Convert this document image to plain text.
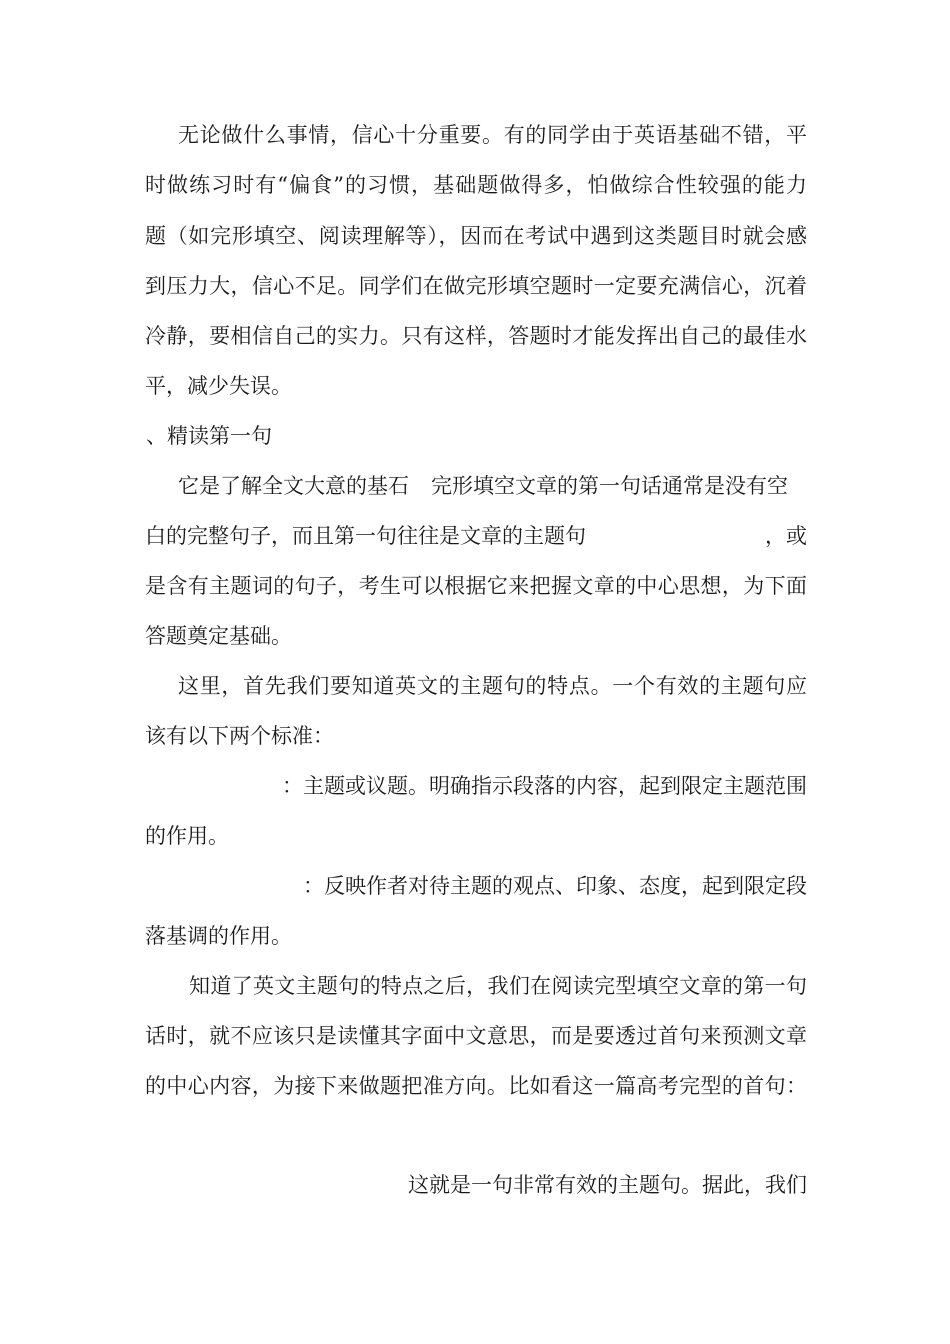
无论做什么事情，信心十分重要。有的同学由于英语基础不错，平

时做练习时有“偏食”的习惯，基础题做得多，怕做综合性较强的能力

题（如完形填空、阅读理解等），因而在考试中遇到这类题目时就会感

到压力大，信心不足。同学们在做完形填空题时一定要充满信心，沉着

冷静，要相信自己的实力。只有这样，答题时才能发挥出自己的最佳水

平，减少失误。

、精读第一句

它是了解全文大意的基石 完形填空文章的第一句话通常是没有空
白的完整句子，而且第一句往往是文章的主题句	，或

是含有主题词的句子，考生可以根据它来把握文章的中心思想，为下面

答题奠定基础。

这里，首先我们要知道英文的主题句的特点。一个有效的主题句应

该有以下两个标准：

：主题或议题。明确指示段落的内容，起到限定主题范围

的作用。

：反映作者对待主题的观点、印象、态度，起到限定段

落基调的作用。

知道了英文主题句的特点之后，我们在阅读完型填空文章的第一句

话时，就不应该只是读懂其字面中文意思，而是要透过首句来预测文章

的中心内容，为接下来做题把准方向。比如看这一篇高考完型的首句：

这就是一句非常有效的主题句。据此，我们
